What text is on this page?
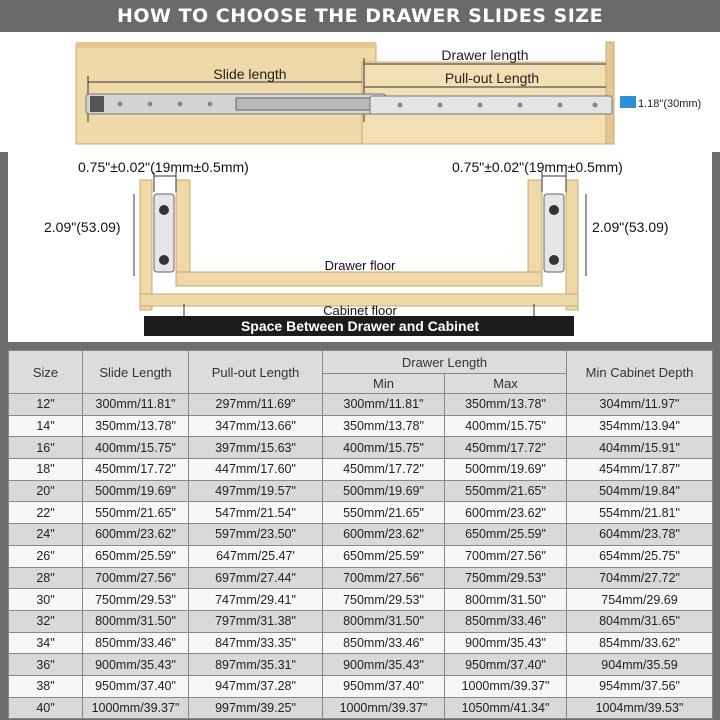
HOW TO CHOOSE THE DRAWER SLIDES SIZE
Drawer length
Slide length	Pull-out Length
1.18"(30mm)
0.75"±0.02"(19mm±0.5mm)	0.75"±0.02"(19mm±0.5mm)
2.09"(53.09)	2.09"(53.09)
Drawer floor
Cabinet floor
Space Between Drawer and Cabinet
Size	Slide Length	Pull-out Length	Drawer Length		Min Cabinet Depth
			Min	Max	
12"	300mm/11.81"	297mm/11.69"	300mm/11.81"	350mm/13.78"	304mm/11.97"
14"	350mm/13.78"	347mm/13.66"	350mm/13.78"	400mm/15.75"	354mm/13.94"
16"	400mm/15.75"	397mm/15.63"	400mm/15.75"	450mm/17.72"	404mm/15.91"
18"	450mm/17.72"	447mm/17.60"	450mm/17.72"	500mm/19.69"	454mm/17.87"
20"	500mm/19.69"	497mm/19.57"	500mm/19.69"	550mm/21.65"	504mm/19.84"
22"	550mm/21.65"	547mm/21.54"	550mm/21.65"	600mm/23.62"	554mm/21.81"
24"	600mm/23.62"	597mm/23.50"	600mm/23.62"	650mm/25.59"	604mm/23.78"
26"	650mm/25.59"	647mm/25.47'	650mm/25.59"	700mm/27.56"	654mm/25.75"
28"	700mm/27.56"	697mm/27.44"	700mm/27.56"	750mm/29.53"	704mm/27.72"
30"	750mm/29.53"	747mm/29.41"	750mm/29.53"	800mm/31.50"	754mm/29.69
32"	800mm/31.50"	797mm/31.38"	800mm/31.50"	850mm/33.46"	804mm/31.65"
34"	850mm/33.46"	847mm/33.35"	850mm/33.46"	900mm/35.43"	854mm/33.62"
36"	900mm/35.43"	897mm/35.31"	900mm/35.43"	950mm/37.40"	904mm/35.59
38"	950mm/37.40"	947mm/37.28"	950mm/37.40"	1000mm/39.37"	954mm/37.56"
40"	1000mm/39.37"	997mm/39.25"	1000mm/39.37"	1050mm/41.34"	1004mm/39.53"
